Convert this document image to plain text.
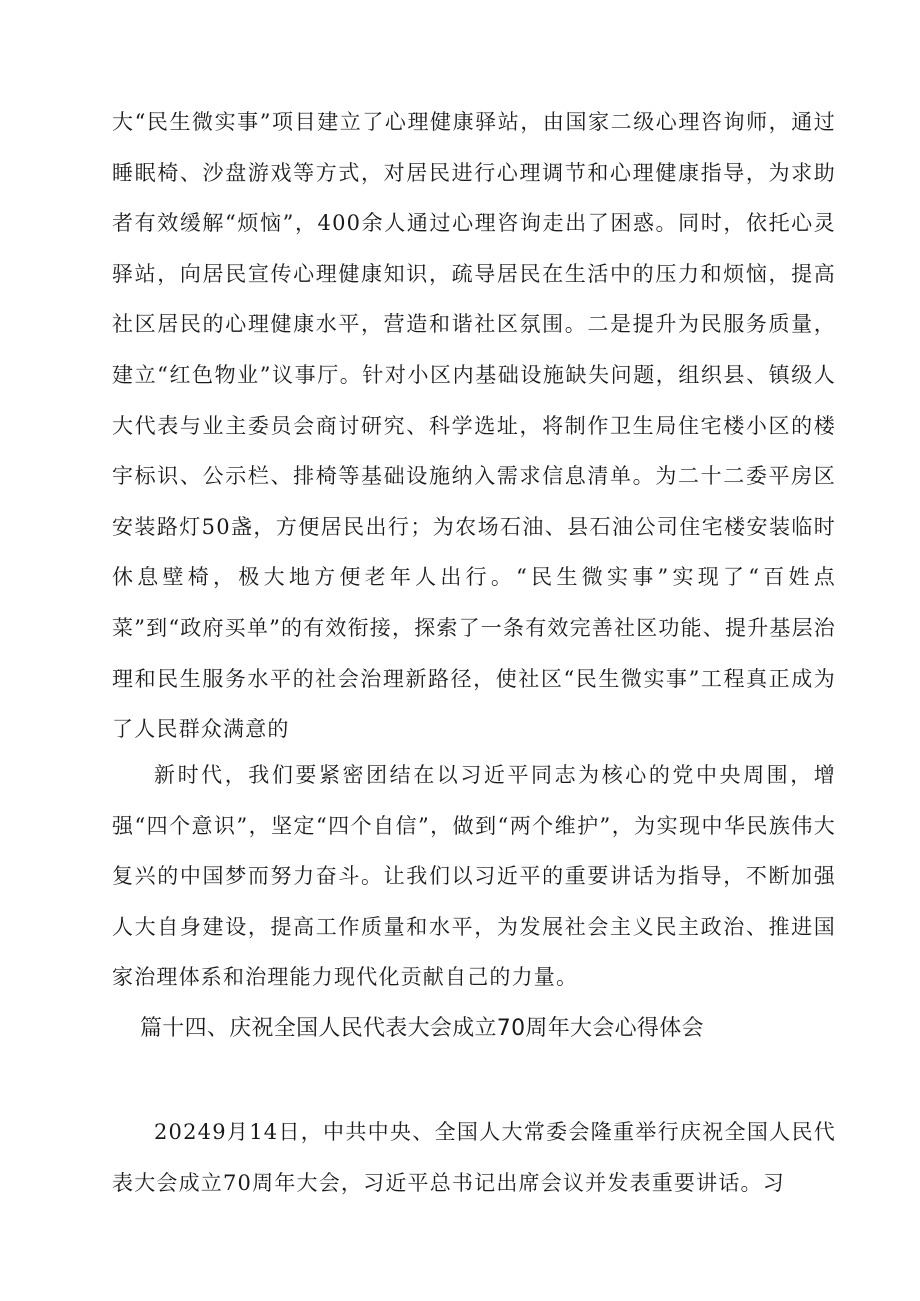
大“民生微实事”项目建立了心理健康驿站，由国家二级心理咨询师，通过睡眠椅、沙盘游戏等方式，对居民进行心理调节和心理健康指导，为求助者有效缓解“烦恼”，400余人通过心理咨询走出了困惑。同时，依托心灵驿站，向居民宣传心理健康知识，疏导居民在生活中的压力和烦恼，提高社区居民的心理健康水平，营造和谐社区氛围。二是提升为民服务质量，建立“红色物业”议事厅。针对小区内基础设施缺失问题，组织县、镇级人大代表与业主委员会商讨研究、科学选址，将制作卫生局住宅楼小区的楼宇标识、公示栏、排椅等基础设施纳入需求信息清单。为二十二委平房区安装路灯50盏，方便居民出行；为农场石油、县石油公司住宅楼安装临时休息壁椅，极大地方便老年人出行。“民生微实事”实现了“百姓点菜”到“政府买单”的有效衔接，探索了一条有效完善社区功能、提升基层治理和民生服务水平的社会治理新路径，使社区“民生微实事”工程真正成为了人民群众满意的

新时代，我们要紧密团结在以习近平同志为核心的党中央周围，增强“四个意识”，坚定“四个自信”，做到“两个维护”，为实现中华民族伟大复兴的中国梦而努力奋斗。让我们以习近平的重要讲话为指导，不断加强人大自身建设，提高工作质量和水平，为发展社会主义民主政治、推进国家治理体系和治理能力现代化贡献自己的力量。

篇十四、庆祝全国人民代表大会成立70周年大会心得体会

20249月14日，中共中央、全国人大常委会隆重举行庆祝全国人民代表大会成立70周年大会，习近平总书记出席会议并发表重要讲话。习
